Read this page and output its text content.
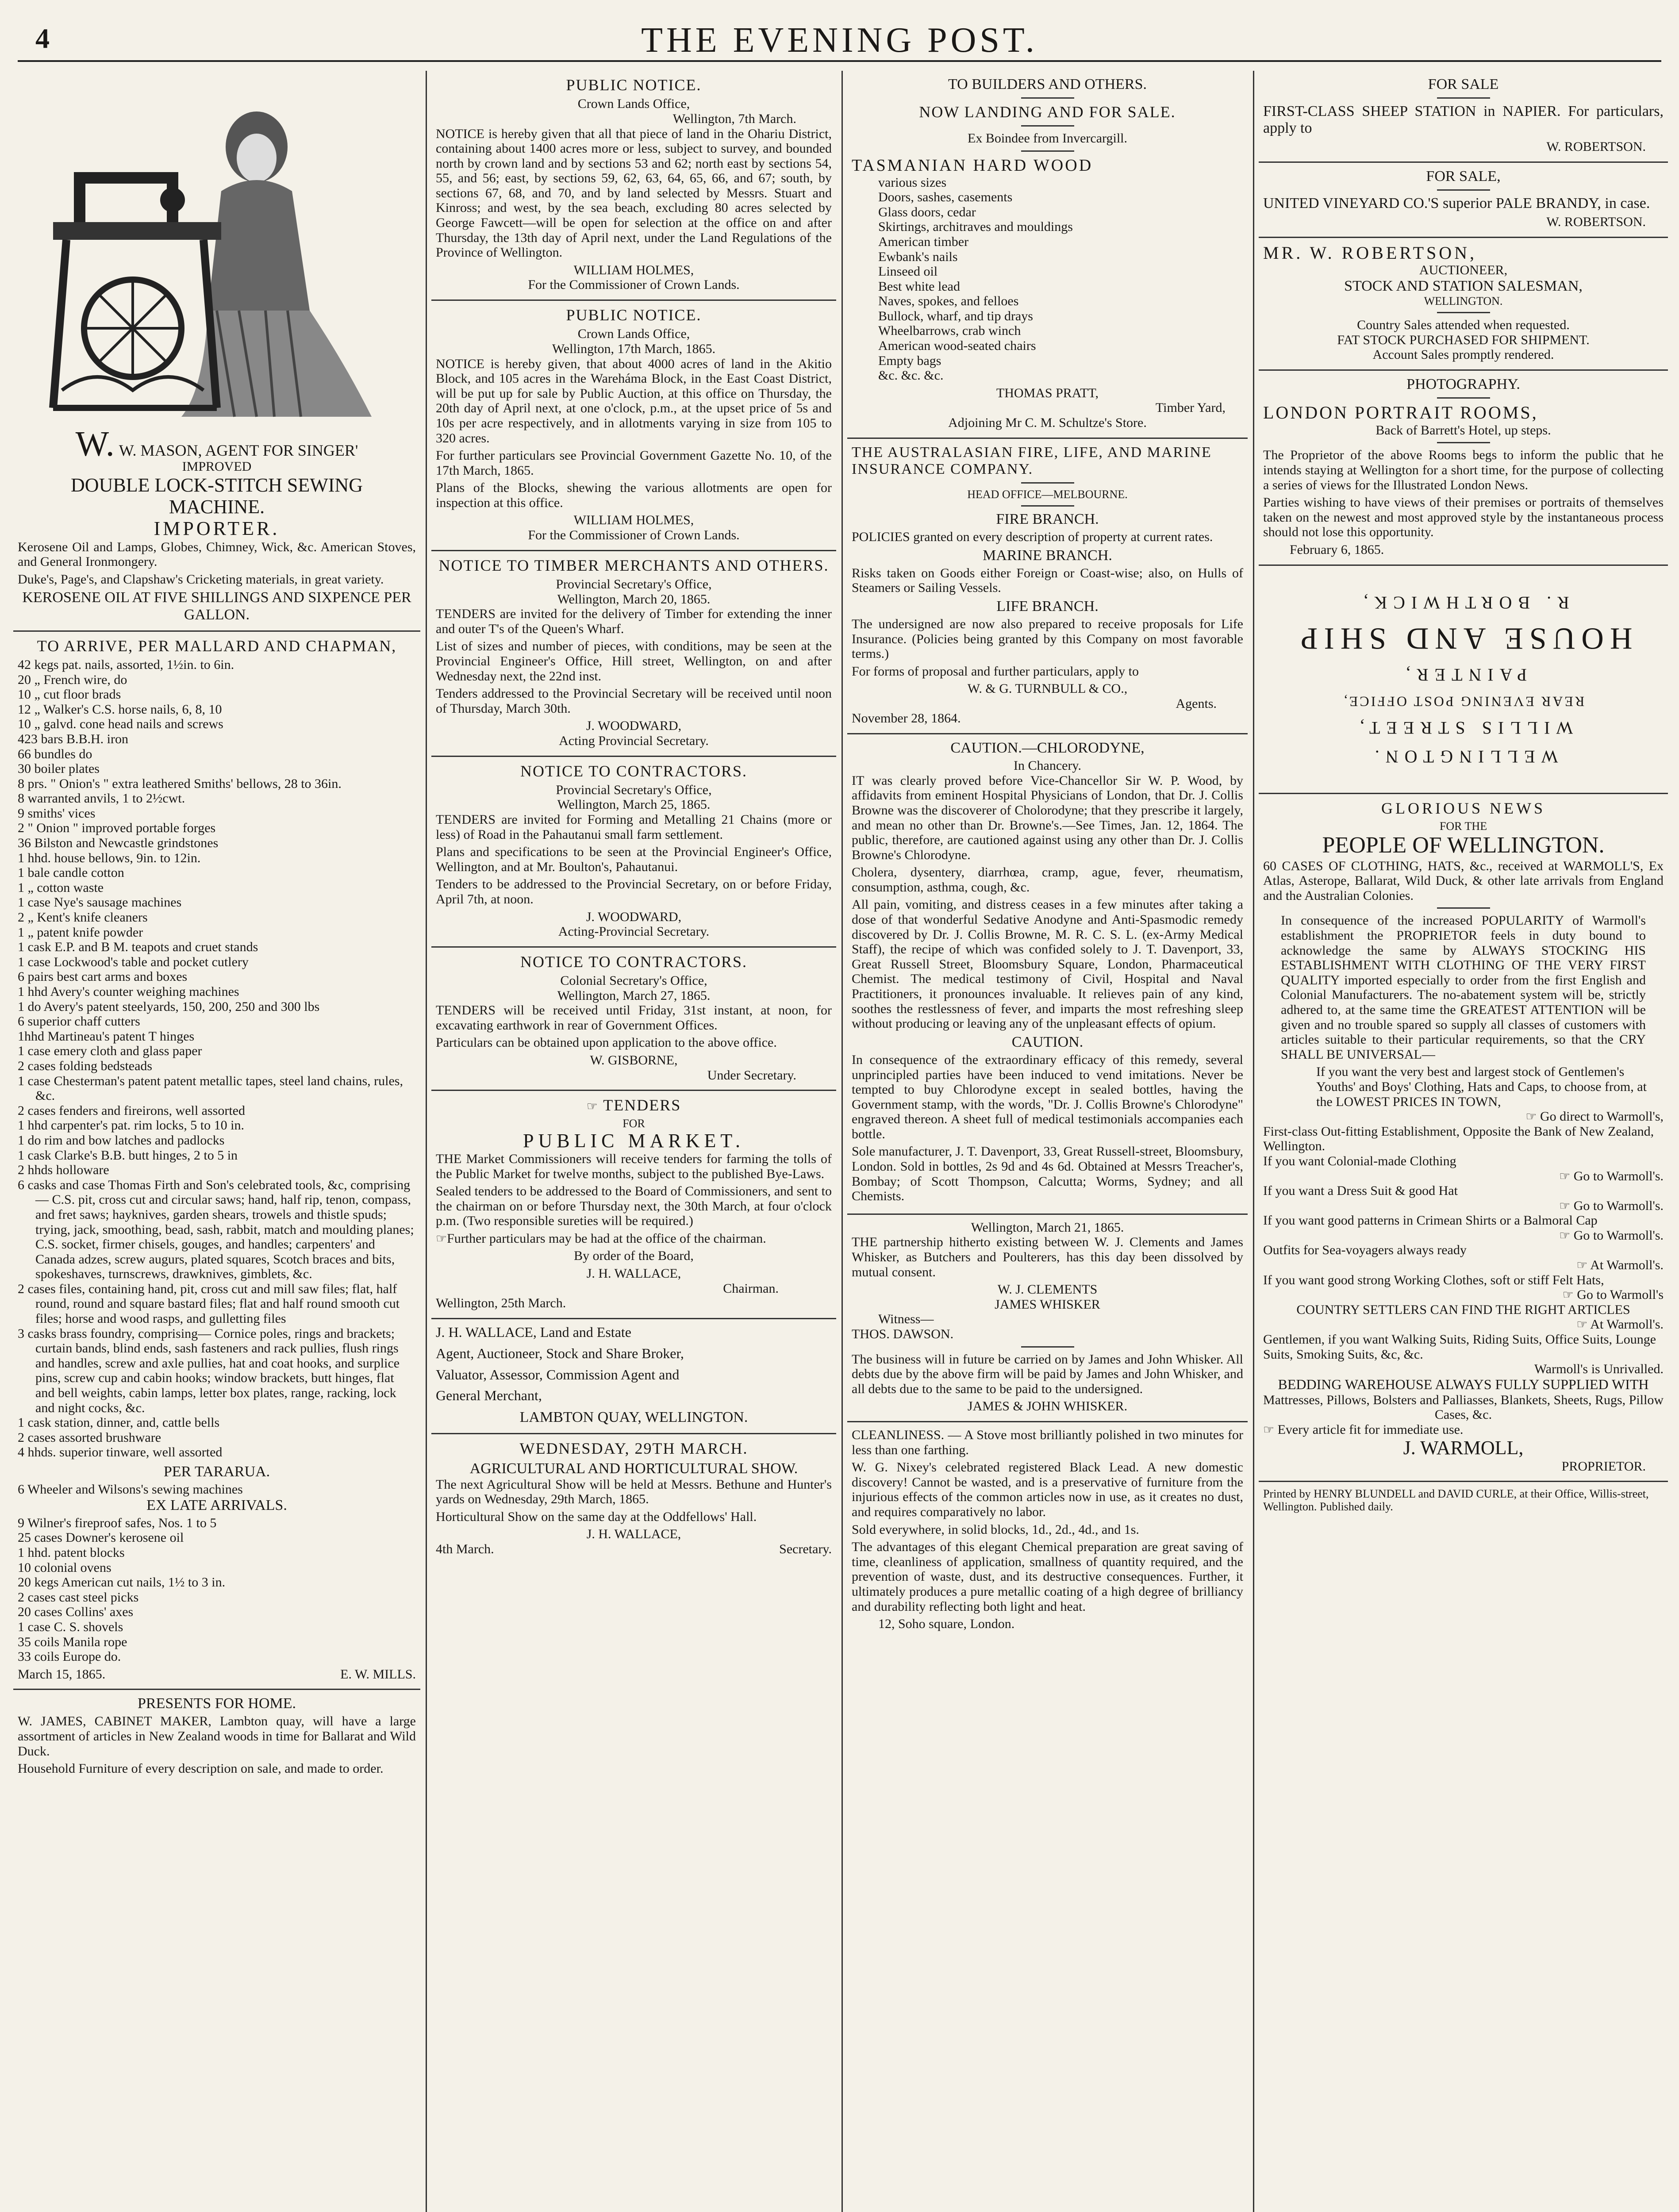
4	THE EVENING POST.
W. W. MASON, AGENT FOR SINGER'
IMPROVED
DOUBLE LOCK-STITCH SEWING
MACHINE.
IMPORTER.

Kerosene Oil and Lamps, Globes, Chimney, Wick, &c. American Stoves, and General Ironmongery.

Duke's, Page's, and Clapshaw's Cricketing materials, in great variety.

KEROSENE OIL AT FIVE SHILLINGS AND SIXPENCE PER GALLON.
TO ARRIVE, PER MALLARD AND CHAPMAN,
42 kegs pat. nails, assorted, 1½in. to 6in.
20 „ French wire, do
10 „ cut floor brads
12 „ Walker's C.S. horse nails, 6, 8, 10
10 „ galvd. cone head nails and screws
423 bars B.B.H. iron
66 bundles do
30 boiler plates
8 prs. " Onion's " extra leathered Smiths' bellows, 28 to 36in.
8 warranted anvils, 1 to 2½cwt.
9 smiths' vices
2 " Onion " improved portable forges
36 Bilston and Newcastle grindstones
1 hhd. house bellows, 9in. to 12in.
1 bale candle cotton
1 „ cotton waste
1 case Nye's sausage machines
2 „ Kent's knife cleaners
1 „ patent knife powder
1 cask E.P. and B M. teapots and cruet stands
1 case Lockwood's table and pocket cutlery
6 pairs best cart arms and boxes
1 hhd Avery's counter weighing machines
1 do Avery's patent steelyards, 150, 200, 250 and 300 lbs
6 superior chaff cutters
1hhd Martineau's patent T hinges
1 case emery cloth and glass paper
2 cases folding bedsteads
1 case Chesterman's patent patent metallic tapes, steel land chains, rules, &c.
2 cases fenders and fireirons, well assorted
1 hhd carpenter's pat. rim locks, 5 to 10 in.
1 do rim and bow latches and padlocks
1 cask Clarke's B.B. butt hinges, 2 to 5 in
2 hhds holloware
6 casks and case Thomas Firth and Son's celebrated tools, &c, comprising— C.S. pit, cross cut and circular saws; hand, half rip, tenon, compass, and fret saws; hayknives, garden shears, trowels and thistle spuds; trying, jack, smoothing, bead, sash, rabbit, match and moulding planes; C.S. socket, firmer chisels, gouges, and handles; carpenters' and Canada adzes, screw augurs, plated squares, Scotch braces and bits, spokeshaves, turnscrews, drawknives, gimblets, &c.
2 cases files, containing hand, pit, cross cut and mill saw files; flat, half round, round and square bastard files; flat and half round smooth cut files; horse and wood rasps, and gulletting files
3 casks brass foundry, comprising— Cornice poles, rings and brackets; curtain bands, blind ends, sash fasteners and rack pullies, flush rings and handles, screw and axle pullies, hat and coat hooks, and surplice pins, screw cup and cabin hooks; window brackets, butt hinges, flat and bell weights, cabin lamps, letter box plates, range, racking, lock and night cocks, &c.
1 cask station, dinner, and, cattle bells
2 cases assorted brushware
4 hhds. superior tinware, well assorted
PER TARARUA.
6 Wheeler and Wilsons's sewing machines
EX LATE ARRIVALS.
9 Wilner's fireproof safes, Nos. 1 to 5
25 cases Downer's kerosene oil
1 hhd. patent blocks
10 colonial ovens
20 kegs American cut nails, 1½ to 3 in.
2 cases cast steel picks
20 cases Collins' axes
1 case C. S. shovels
35 coils Manila rope
33 coils Europe do.
March 15, 1865.	E. W. MILLS.
PRESENTS FOR HOME.

W. JAMES, CABINET MAKER, Lambton quay, will have a large assortment of articles in New Zealand woods in time for Ballarat and Wild Duck.

Household Furniture of every description on sale, and made to order.

PUBLIC NOTICE.
Crown Lands Office,
Wellington, 7th March.

NOTICE is hereby given that all that piece of land in the Ohariu District, containing about 1400 acres more or less, subject to survey, and bounded north by crown land and by sections 53 and 62; north east by sections 54, 55, and 56; east, by sections 59, 62, 63, 64, 65, 66, and 67; south, by sections 67, 68, and 70, and by land selected by Messrs. Stuart and Kinross; and west, by the sea beach, excluding 80 acres selected by George Fawcett—will be open for selection at the office on and after Thursday, the 13th day of April next, under the Land Regulations of the Province of Wellington.

WILLIAM HOLMES,
For the Commissioner of Crown Lands.
PUBLIC NOTICE.
Crown Lands Office,
Wellington, 17th March, 1865.

NOTICE is hereby given, that about 4000 acres of land in the Akitio Block, and 105 acres in the Wareháma Block, in the East Coast District, will be put up for sale by Public Auction, at this office on Thursday, the 20th day of April next, at one o'clock, p.m., at the upset price of 5s and 10s per acre respectively, and in allotments varying in size from 105 to 320 acres.

For further particulars see Provincial Government Gazette No. 10, of the 17th March, 1865.

Plans of the Blocks, shewing the various allotments are open for inspection at this office.

WILLIAM HOLMES,
For the Commissioner of Crown Lands.
NOTICE TO TIMBER MERCHANTS AND OTHERS.
Provincial Secretary's Office,
Wellington, March 20, 1865.

TENDERS are invited for the delivery of Timber for extending the inner and outer T's of the Queen's Wharf.

List of sizes and number of pieces, with conditions, may be seen at the Provincial Engineer's Office, Hill street, Wellington, on and after Wednesday next, the 22nd inst.

Tenders addressed to the Provincial Secretary will be received until noon of Thursday, March 30th.

J. WOODWARD,
Acting Provincial Secretary.
NOTICE TO CONTRACTORS.
Provincial Secretary's Office,
Wellington, March 25, 1865.

TENDERS are invited for Forming and Metalling 21 Chains (more or less) of Road in the Pahautanui small farm settlement.

Plans and specifications to be seen at the Provincial Engineer's Office, Wellington, and at Mr. Boulton's, Pahautanui.

Tenders to be addressed to the Provincial Secretary, on or before Friday, April 7th, at noon.

J. WOODWARD,
Acting-Provincial Secretary.
NOTICE TO CONTRACTORS.
Colonial Secretary's Office,
Wellington, March 27, 1865.

TENDERS will be received until Friday, 31st instant, at noon, for excavating earthwork in rear of Government Offices.

Particulars can be obtained upon application to the above office.

W. GISBORNE,
Under Secretary.
☞ TENDERS
FOR
PUBLIC MARKET.

THE Market Commissioners will receive tenders for farming the tolls of the Public Market for twelve months, subject to the published Bye-Laws.

Sealed tenders to be addressed to the Board of Commissioners, and sent to the chairman on or before Thursday next, the 30th March, at four o'clock p.m. (Two responsible sureties will be required.)

☞Further particulars may be had at the office of the chairman.

By order of the Board,
J. H. WALLACE,
Chairman.
Wellington, 25th March.
J. H. WALLACE, Land and Estate
Agent, Auctioneer, Stock and Share Broker,
Valuator, Assessor, Commission Agent and
General Merchant,
LAMBTON QUAY, WELLINGTON.
WEDNESDAY, 29TH MARCH.
AGRICULTURAL AND HORTICULTURAL SHOW.

The next Agricultural Show will be held at Messrs. Bethune and Hunter's yards on Wednesday, 29th March, 1865.

Horticultural Show on the same day at the Oddfellows' Hall.

J. H. WALLACE,
4th March.	Secretary.
TO BUILDERS AND OTHERS.
NOW LANDING AND FOR SALE.
Ex Boindee from Invercargill.
TASMANIAN HARD WOOD
various sizes
Doors, sashes, casements
Glass doors, cedar
Skirtings, architraves and mouldings
American timber
Ewbank's nails
Linseed oil
Best white lead
Naves, spokes, and felloes
Bullock, wharf, and tip drays
Wheelbarrows, crab winch
American wood-seated chairs
Empty bags
&c. &c. &c.
THOMAS PRATT,
Timber Yard,
Adjoining Mr C. M. Schultze's Store.
THE AUSTRALASIAN FIRE, LIFE, AND MARINE INSURANCE COMPANY.
HEAD OFFICE—MELBOURNE.
FIRE BRANCH.

POLICIES granted on every description of property at current rates.

MARINE BRANCH.

Risks taken on Goods either Foreign or Coast-wise; also, on Hulls of Steamers or Sailing Vessels.

LIFE BRANCH.

The undersigned are now also prepared to receive proposals for Life Insurance. (Policies being granted by this Company on most favorable terms.)

For forms of proposal and further particulars, apply to

W. & G. TURNBULL & CO.,
Agents.
November 28, 1864.
CAUTION.—CHLORODYNE,
In Chancery.

IT was clearly proved before Vice-Chancellor Sir W. P. Wood, by affidavits from eminent Hospital Physicians of London, that Dr. J. Collis Browne was the discoverer of Cholorodyne; that they prescribe it largely, and mean no other than Dr. Browne's.—See Times, Jan. 12, 1864. The public, therefore, are cautioned against using any other than Dr. J. Collis Browne's Chlorodyne.

Cholera, dysentery, diarrhœa, cramp, ague, fever, rheumatism, consumption, asthma, cough, &c.

All pain, vomiting, and distress ceases in a few minutes after taking a dose of that wonderful Sedative Anodyne and Anti-Spasmodic remedy discovered by Dr. J. Collis Browne, M. R. C. S. L. (ex-Army Medical Staff), the recipe of which was confided solely to J. T. Davenport, 33, Great Russell Street, Bloomsbury Square, London, Pharmaceutical Chemist. The medical testimony of Civil, Hospital and Naval Practitioners, it pronounces invaluable. It relieves pain of any kind, soothes the restlessness of fever, and imparts the most refreshing sleep without producing or leaving any of the unpleasant effects of opium.

CAUTION.

In consequence of the extraordinary efficacy of this remedy, several unprincipled parties have been induced to vend imitations. Never be tempted to buy Chlorodyne except in sealed bottles, having the Government stamp, with the words, "Dr. J. Collis Browne's Chlorodyne" engraved thereon. A sheet full of medical testimonials accompanies each bottle.

Sole manufacturer, J. T. Davenport, 33, Great Russell-street, Bloomsbury, London. Sold in bottles, 2s 9d and 4s 6d. Obtained at Messrs Treacher's, Bombay; of Scott Thompson, Calcutta; Worms, Sydney; and all Chemists.

Wellington, March 21, 1865.

THE partnership hitherto existing between W. J. Clements and James Whisker, as Butchers and Poulterers, has this day been dissolved by mutual consent.

W. J. CLEMENTS
JAMES WHISKER
Witness—
THOS. DAWSON.

The business will in future be carried on by James and John Whisker. All debts due by the above firm will be paid by James and John Whisker, and all debts due to the same to be paid to the undersigned.

JAMES & JOHN WHISKER.

CLEANLINESS. — A Stove most brilliantly polished in two minutes for less than one farthing.

W. G. Nixey's celebrated registered Black Lead. A new domestic discovery! Cannot be wasted, and is a preservative of furniture from the injurious effects of the common articles now in use, as it creates no dust, and requires comparatively no labor.

Sold everywhere, in solid blocks, 1d., 2d., 4d., and 1s.

The advantages of this elegant Chemical preparation are great saving of time, cleanliness of application, smallness of quantity required, and the prevention of waste, dust, and its destructive consequences. Further, it ultimately produces a pure metallic coating of a high degree of brilliancy and durability reflecting both light and heat.

12, Soho square, London.
FOR SALE

FIRST-CLASS SHEEP STATION in NAPIER. For particulars, apply to

W. ROBERTSON.
FOR SALE,

UNITED VINEYARD CO.'S superior PALE BRANDY, in case.

W. ROBERTSON.
MR. W. ROBERTSON,
AUCTIONEER,
STOCK AND STATION SALESMAN,
WELLINGTON.
Country Sales attended when requested.
FAT STOCK PURCHASED FOR SHIPMENT.
Account Sales promptly rendered.
PHOTOGRAPHY.
LONDON PORTRAIT ROOMS,
Back of Barrett's Hotel, up steps.

The Proprietor of the above Rooms begs to inform the public that he intends staying at Wellington for a short time, for the purpose of collecting a series of views for the Illustrated London News.

Parties wishing to have views of their premises or portraits of themselves taken on the newest and most approved style by the instantaneous process should not lose this opportunity.

February 6, 1865.
R. BORTHWICK,
HOUSE AND SHIP
PAINTER,
REAR EVENING POST OFFICE,
WILLIS STREET,
WELLINGTON.
GLORIOUS NEWS
FOR THE
PEOPLE OF WELLINGTON.

60 CASES OF CLOTHING, HATS, &c., received at WARMOLL'S, Ex Atlas, Asterope, Ballarat, Wild Duck, & other late arrivals from England and the Australian Colonies.

In consequence of the increased POPULARITY of Warmoll's establishment the PROPRIETOR feels in duty bound to acknowledge the same by ALWAYS STOCKING HIS ESTABLISHMENT WITH CLOTHING OF THE VERY FIRST QUALITY imported especially to order from the first English and Colonial Manufacturers. The no-abatement system will be, strictly adhered to, at the same time the GREATEST ATTENTION will be given and no trouble spared so supply all classes of customers with articles suitable to their particular requirements, so that the CRY SHALL BE UNIVERSAL—

If you want the very best and largest stock of Gentlemen's Youths' and Boys' Clothing, Hats and Caps, to choose from, at the LOWEST PRICES IN TOWN,
☞ Go direct to Warmoll's,
First-class Out-fitting Establishment, Opposite the Bank of New Zealand, Wellington.
If you want Colonial-made Clothing
☞ Go to Warmoll's.
If you want a Dress Suit & good Hat
☞ Go to Warmoll's.
If you want good patterns in Crimean Shirts or a Balmoral Cap
☞ Go to Warmoll's.
Outfits for Sea-voyagers always ready
☞ At Warmoll's.
If you want good strong Working Clothes, soft or stiff Felt Hats,
☞ Go to Warmoll's
COUNTRY SETTLERS CAN FIND THE RIGHT ARTICLES
☞ At Warmoll's.
Gentlemen, if you want Walking Suits, Riding Suits, Office Suits, Lounge Suits, Smoking Suits, &c, &c.
Warmoll's is Unrivalled.
BEDDING WAREHOUSE ALWAYS FULLY SUPPLIED WITH
Mattresses, Pillows, Bolsters and Palliasses, Blankets, Sheets, Rugs, Pillow Cases, &c.
☞ Every article fit for immediate use.
J. WARMOLL,
PROPRIETOR.

Printed by HENRY BLUNDELL and DAVID CURLE, at their Office, Willis-street, Wellington. Published daily.
